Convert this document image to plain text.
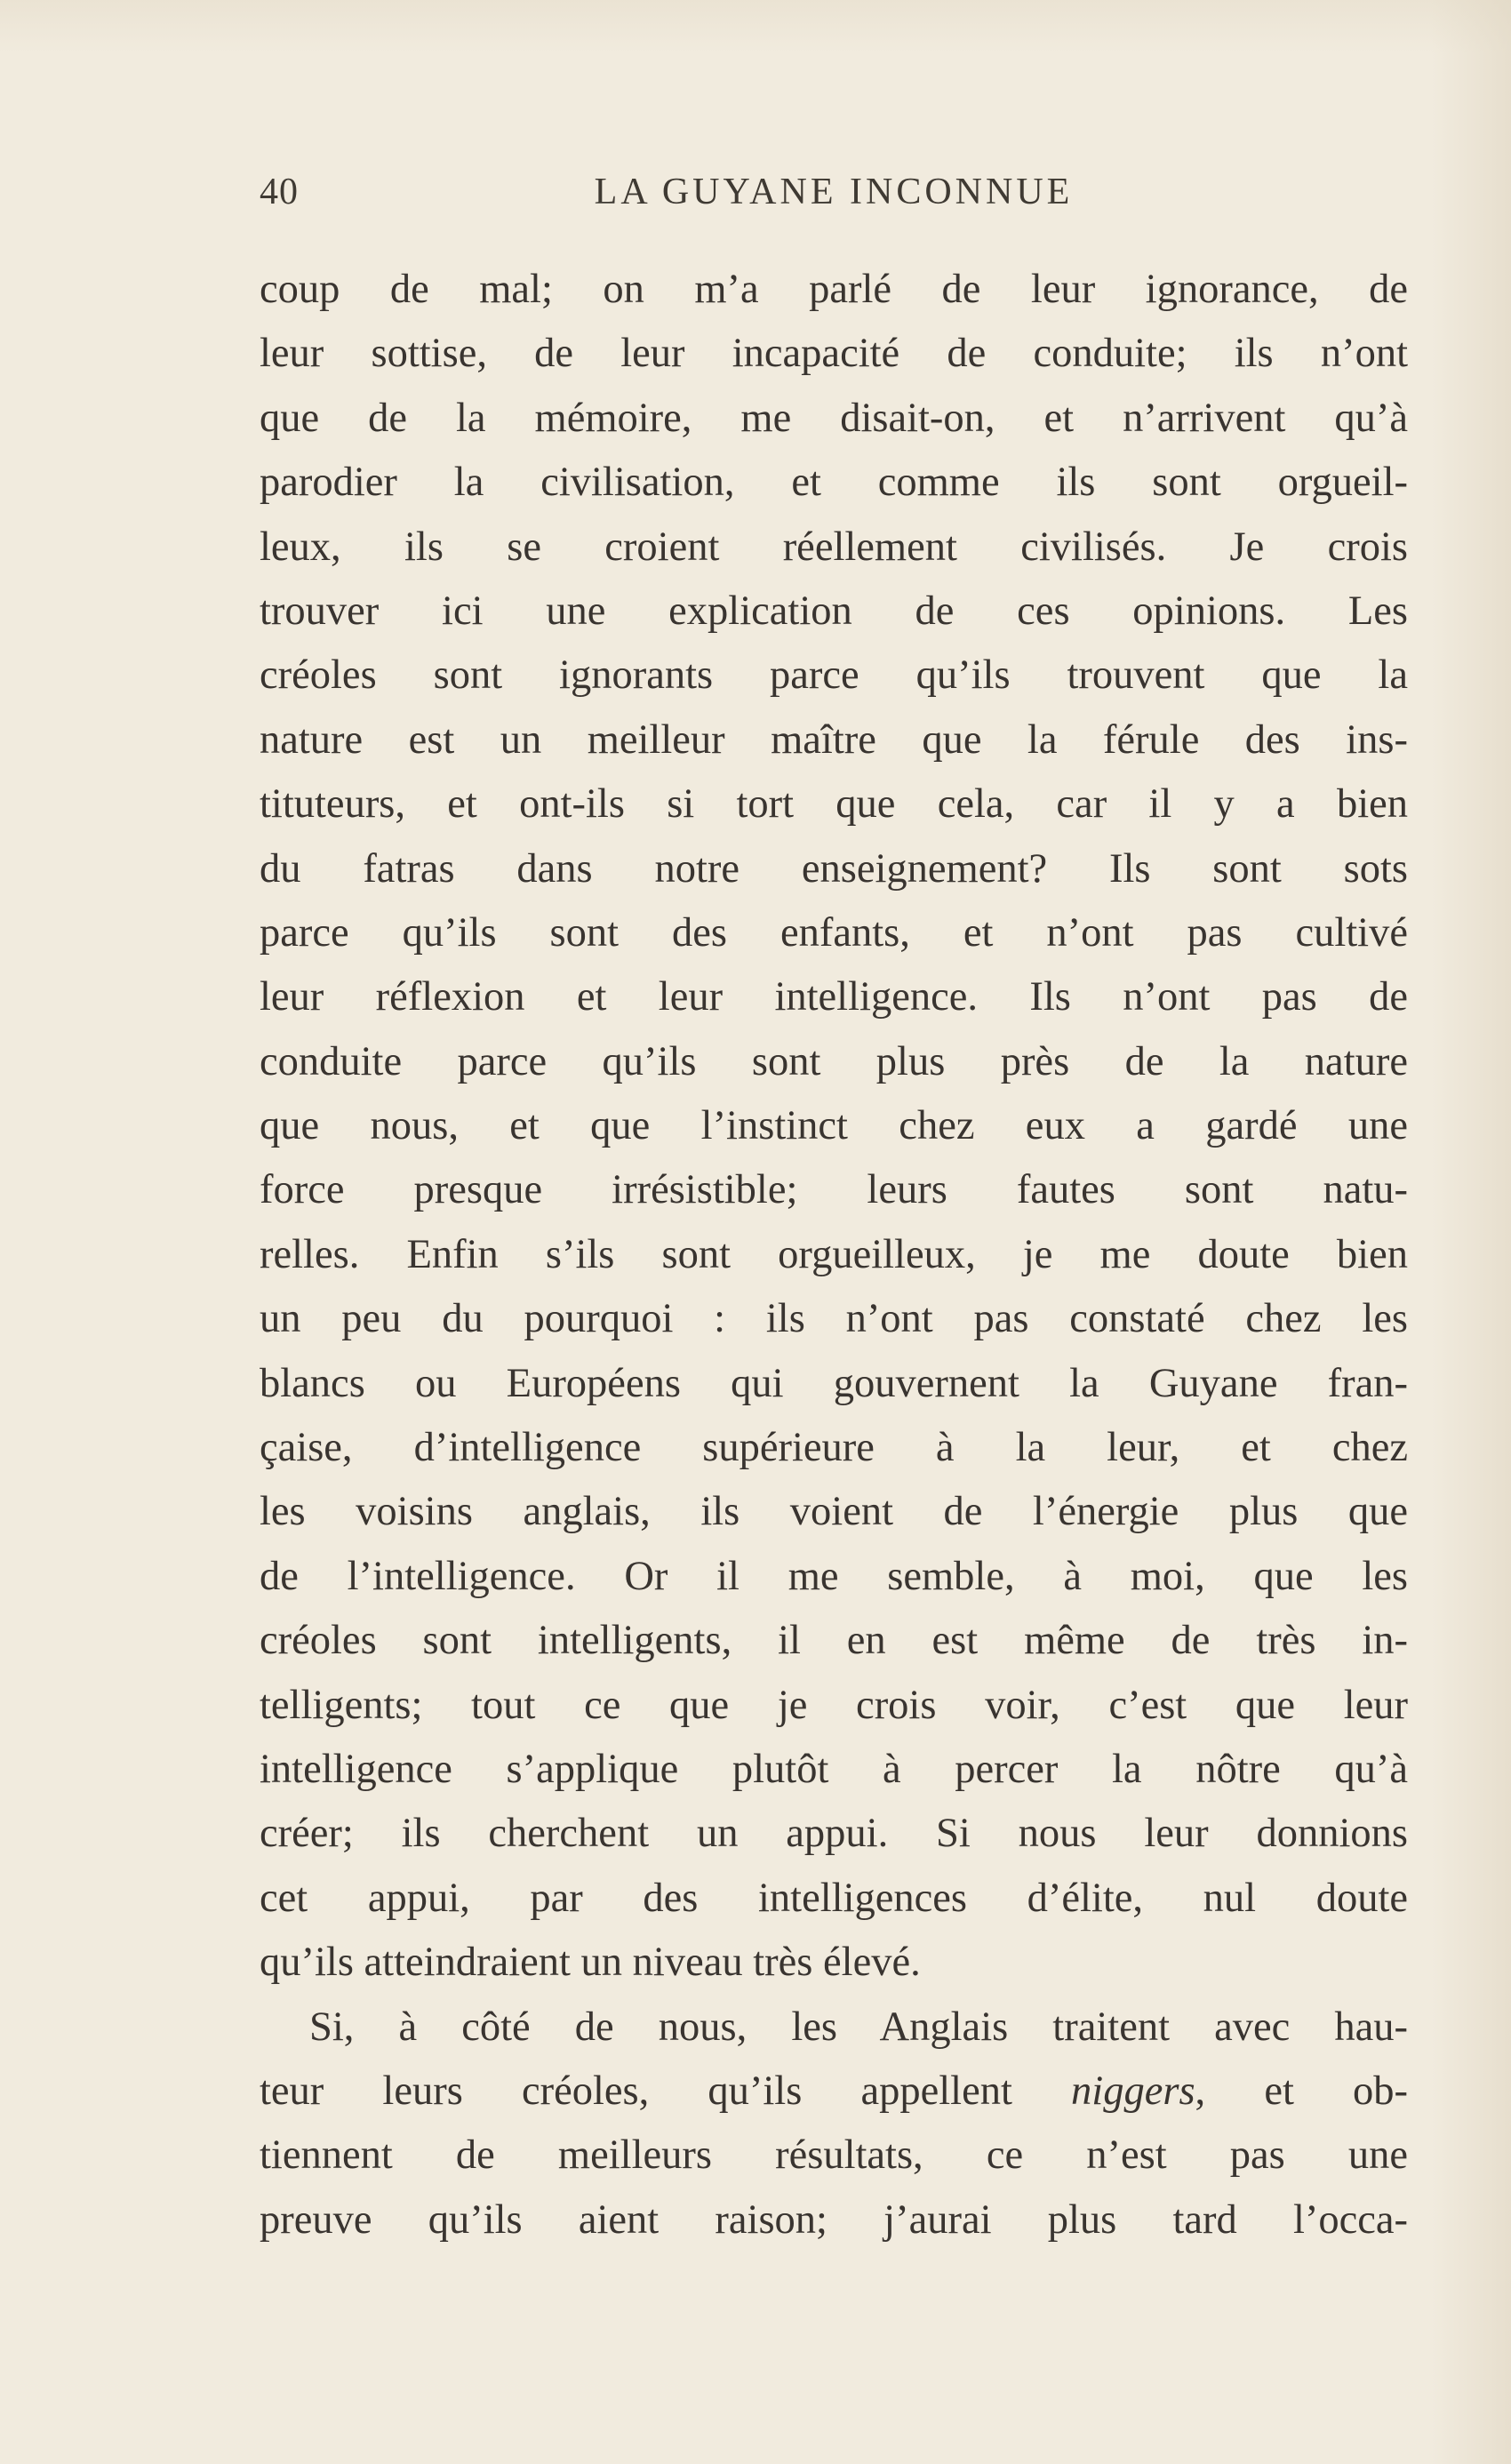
40	LA GUYANE INCONNUE
coup de mal; on m’a parlé de leur ignorance, de
leur sottise, de leur incapacité de conduite; ils n’ont
que de la mémoire, me disait-on, et n’arrivent qu’à
parodier la civilisation, et comme ils sont orgueil-
leux, ils se croient réellement civilisés. Je crois
trouver ici une explication de ces opinions. Les
créoles sont ignorants parce qu’ils trouvent que la
nature est un meilleur maître que la férule des ins-
tituteurs, et ont-ils si tort que cela, car il y a bien
du fatras dans notre enseignement? Ils sont sots
parce qu’ils sont des enfants, et n’ont pas cultivé
leur réflexion et leur intelligence. Ils n’ont pas de
conduite parce qu’ils sont plus près de la nature
que nous, et que l’instinct chez eux a gardé une
force presque irrésistible; leurs fautes sont natu-
relles. Enfin s’ils sont orgueilleux, je me doute bien
un peu du pourquoi : ils n’ont pas constaté chez les
blancs ou Européens qui gouvernent la Guyane fran-
çaise, d’intelligence supérieure à la leur, et chez
les voisins anglais, ils voient de l’énergie plus que
de l’intelligence. Or il me semble, à moi, que les
créoles sont intelligents, il en est même de très in-
telligents; tout ce que je crois voir, c’est que leur
intelligence s’applique plutôt à percer la nôtre qu’à
créer; ils cherchent un appui. Si nous leur donnions
cet appui, par des intelligences d’élite, nul doute
qu’ils atteindraient un niveau très élevé.
Si, à côté de nous, les Anglais traitent avec hau-
teur leurs créoles, qu’ils appellent niggers, et ob-
tiennent de meilleurs résultats, ce n’est pas une
preuve qu’ils aient raison; j’aurai plus tard l’occa-
